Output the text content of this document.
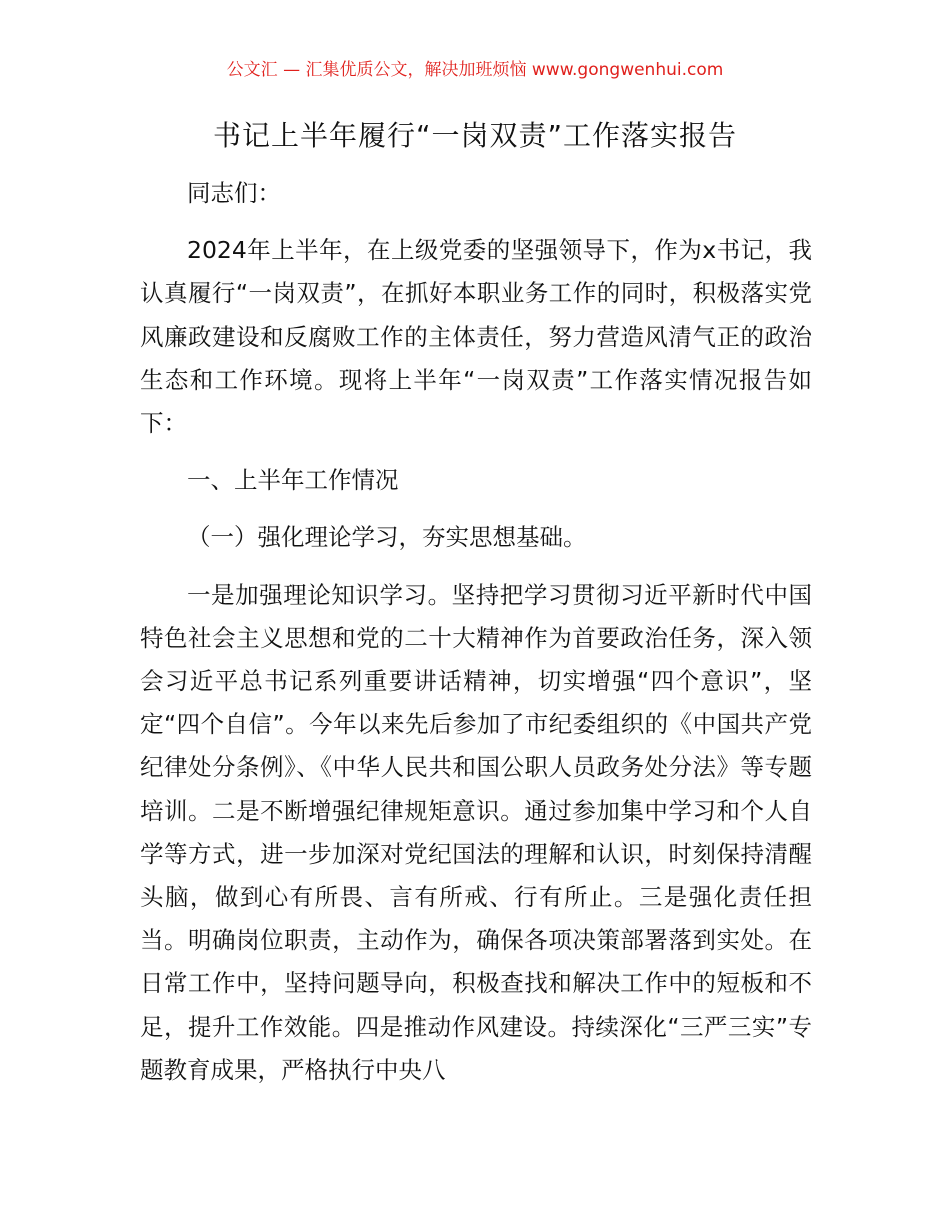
公文汇 — 汇集优质公文，解决加班烦恼 www.gongwenhui.com
书记上半年履行“一岗双责”工作落实报告

同志们：

2024年上半年，在上级党委的坚强领导下，作为x书记，我认真履行“一岗双责”，在抓好本职业务工作的同时，积极落实党风廉政建设和反腐败工作的主体责任，努力营造风清气正的政治生态和工作环境。现将上半年“一岗双责”工作落实情况报告如下：

一、上半年工作情况

（一）强化理论学习，夯实思想基础。

一是加强理论知识学习。坚持把学习贯彻习近平新时代中国特色社会主义思想和党的二十大精神作为首要政治任务，深入领会习近平总书记系列重要讲话精神，切实增强“四个意识”，坚定“四个自信”。今年以来先后参加了市纪委组织的《中国共产党纪律处分条例》、《中华人民共和国公职人员政务处分法》等专题培训。二是不断增强纪律规矩意识。通过参加集中学习和个人自学等方式，进一步加深对党纪国法的理解和认识，时刻保持清醒头脑，做到心有所畏、言有所戒、行有所止。三是强化责任担当。明确岗位职责，主动作为，确保各项决策部署落到实处。在日常工作中，坚持问题导向，积极查找和解决工作中的短板和不足，提升工作效能。四是推动作风建设。持续深化“三严三实”专题教育成果，严格执行中央八
